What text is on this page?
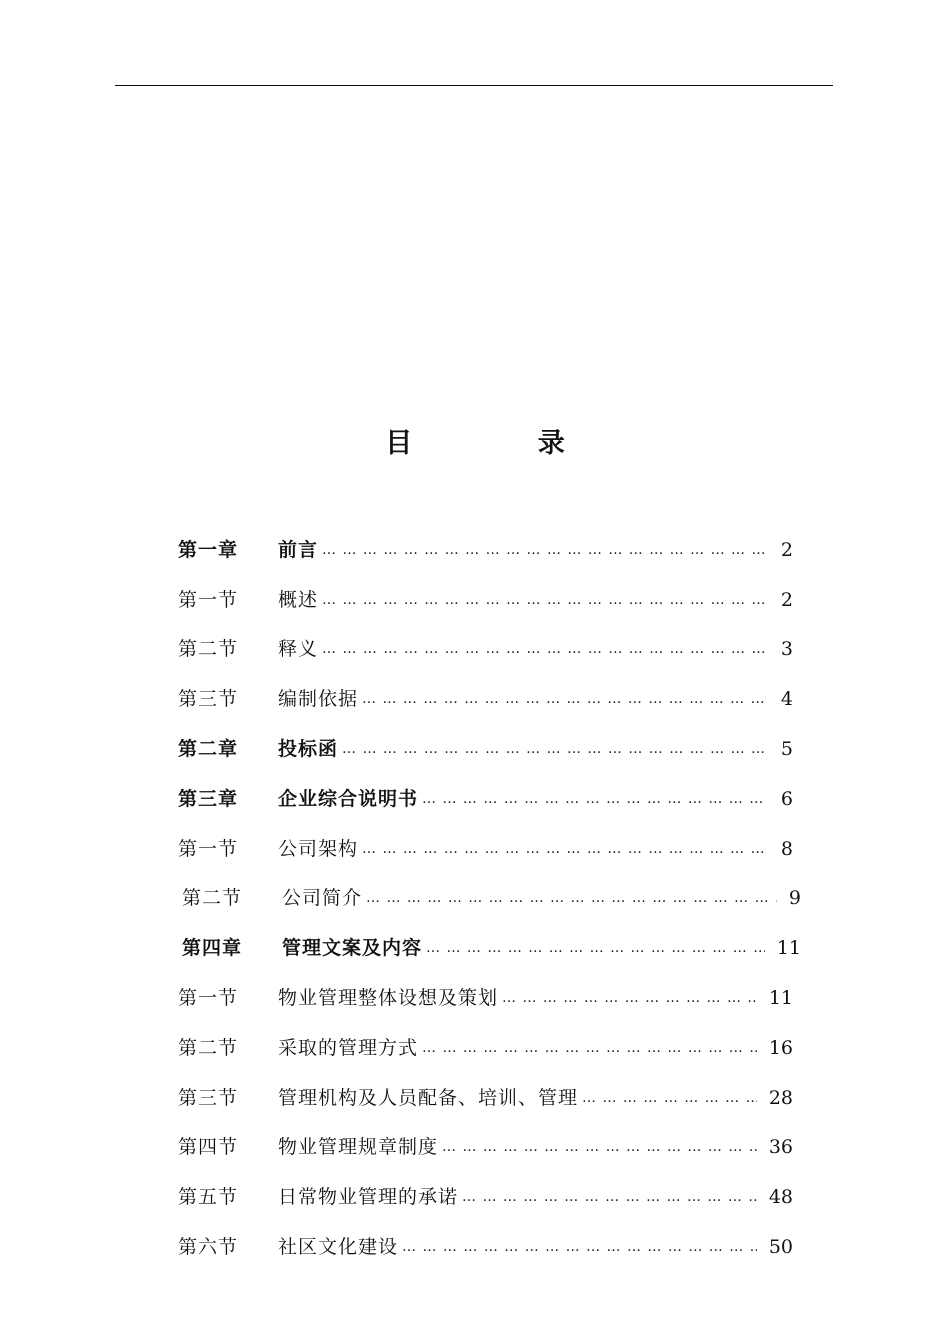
目 录
第一章	前言 … … … … … … … … … … … … … … … … … … … … … … … … … … … … … … … … … … … … … … … … … … … … … … … … … … …	2
第一节	概述 … … … … … … … … … … … … … … … … … … … … … … … … … … … … … … … … … … … … … … … … … … … … … … … … … … …	2
第二节	释义 … … … … … … … … … … … … … … … … … … … … … … … … … … … … … … … … … … … … … … … … … … … … … … … … … … …	3
第三节	编制依据 … … … … … … … … … … … … … … … … … … … … … … … … … … … … … … … … … … … … … … … … … … … … … … … … … … …	4
第二章	投标函 … … … … … … … … … … … … … … … … … … … … … … … … … … … … … … … … … … … … … … … … … … … … … … … … … … …	5
第三章	企业综合说明书 … … … … … … … … … … … … … … … … … … … … … … … … … … … … … … … … … … … … … … … … … … … … … … … … … … …	6
第一节	公司架构 … … … … … … … … … … … … … … … … … … … … … … … … … … … … … … … … … … … … … … … … … … … … … … … … … … …	8
第二节	公司简介 … … … … … … … … … … … … … … … … … … … … … … … … … … … … … … … … … … … … … … … … … … … … … … … … … … …	9
第四章	管理文案及内容 … … … … … … … … … … … … … … … … … … … … … … … … … … … … … … … … … … … … … … … … … … … … … … … … … … …	11
第一节	物业管理整体设想及策划 … … … … … … … … … … … … … … … … … … … … … … … … … … … … … … … … … … … … … … … … … … … … … … … … … … …	11
第二节	采取的管理方式 … … … … … … … … … … … … … … … … … … … … … … … … … … … … … … … … … … … … … … … … … … … … … … … … … … …	16
第三节	管理机构及人员配备、培训、管理 … … … … … … … … … … … … … … … … … … … … … … … … … … … … … … … … … … … … … … … … … … … … … … … … … … …	28
第四节	物业管理规章制度 … … … … … … … … … … … … … … … … … … … … … … … … … … … … … … … … … … … … … … … … … … … … … … … … … … …	36
第五节	日常物业管理的承诺 … … … … … … … … … … … … … … … … … … … … … … … … … … … … … … … … … … … … … … … … … … … … … … … … … … …	48
第六节	社区文化建设 … … … … … … … … … … … … … … … … … … … … … … … … … … … … … … … … … … … … … … … … … … … … … … … … … … …	50
